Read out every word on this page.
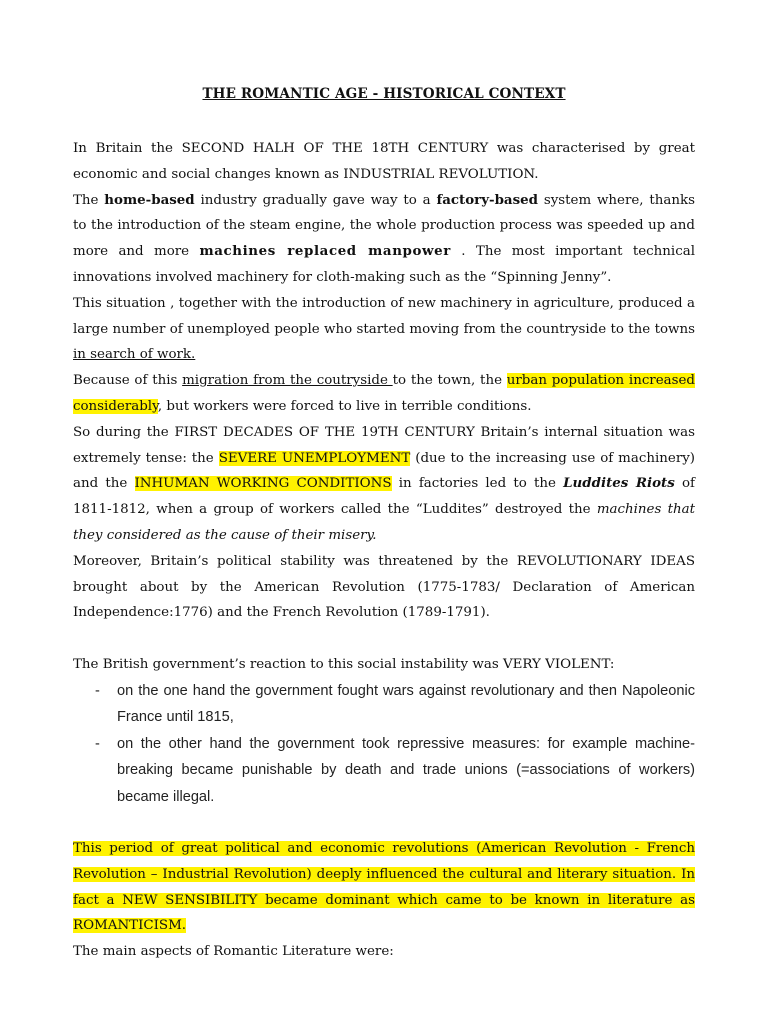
THE ROMANTIC AGE - HISTORICAL CONTEXT

In Britain the SECOND HALH OF THE 18TH CENTURY was characterised by great economic and social changes known as INDUSTRIAL REVOLUTION.

The home-based industry gradually gave way to a factory-based system where, thanks to the introduction of the steam engine, the whole production process was speeded up and more and more machines replaced manpower . The most important technical innovations involved machinery for cloth-making such as the “Spinning Jenny”.

This situation , together with the introduction of new machinery in agriculture, produced a large number of unemployed people who started moving from the countryside to the towns in search of work.

Because of this migration from the coutryside to the town, the urban population increased considerably, but workers were forced to live in terrible conditions.

So during the FIRST DECADES OF THE 19TH CENTURY Britain’s internal situation was extremely tense: the SEVERE UNEMPLOYMENT (due to the increasing use of machinery) and the INHUMAN WORKING CONDITIONS in factories led to the Luddites Riots of 1811-1812, when a group of workers called the “Luddites” destroyed the machines that they considered as the cause of their misery.

Moreover, Britain’s political stability was threatened by the REVOLUTIONARY IDEAS brought about by the American Revolution (1775-1783/ Declaration of American Independence:1776) and the French Revolution (1789-1791).

The British government’s reaction to this social instability was VERY VIOLENT:

- on the one hand the government fought wars against revolutionary and then Napoleonic France until 1815,
- on the other hand the government took repressive measures: for example machine-breaking became punishable by death and trade unions (=associations of workers) became illegal.

This period of great political and economic revolutions (American Revolution - French Revolution – Industrial Revolution) deeply influenced the cultural and literary situation. In fact a NEW SENSIBILITY became dominant which came to be known in literature as ROMANTICISM.

The main aspects of Romantic Literature were:
